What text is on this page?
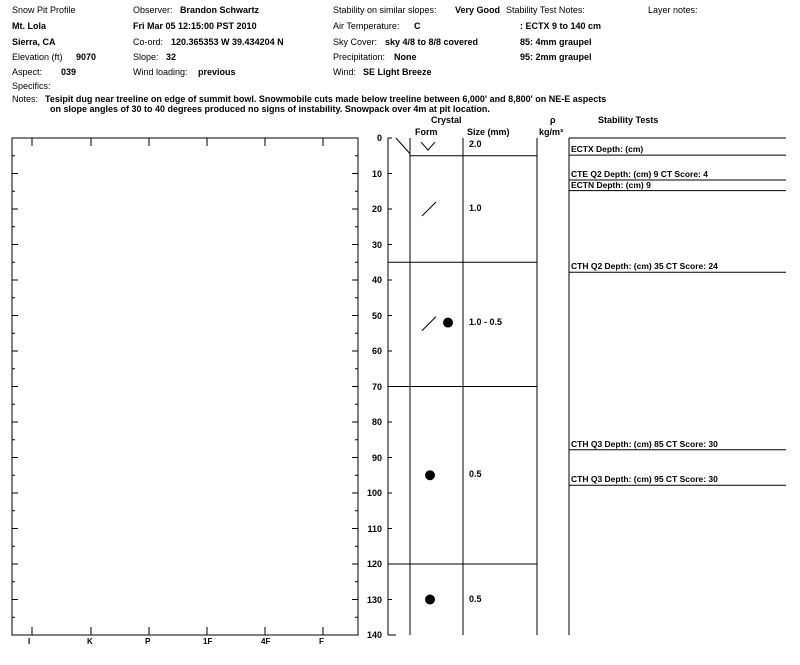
Snow Pit Profile
Mt. Lola
Sierra, CA
Elevation (ft) 9070
Aspect: 039
Specifics:
Observer: Brandon Schwartz
Fri Mar 05 12:15:00 PST 2010
Co-ord: 120.365353 W 39.434204 N
Slope: 32
Wind loading: previous
Stability on similar slopes: Very Good
Air Temperature: C
Sky Cover: sky 4/8 to 8/8 covered
Precipitation: None
Wind: SE Light Breeze
Stability Test Notes:
: ECTX 9 to 140 cm
85: 4mm graupel
95: 2mm graupel
Layer notes:
Notes: Tesipit dug near treeline on edge of summit bowl. Snowmobile cuts made below treeline between 6,000' and 8,800' on NE-E aspects
on slope angles of 30 to 40 degrees produced no signs of instability. Snowpack over 4m at pit location.
Crystal
Form	Size (mm)
ρ
kg/m³
Stability Tests
I	K	P	1F	4F	F
0
10
20
30
40
50
60
70
80
90
100
110
120
130
140
2.0
1.0
1.0 - 0.5
0.5
0.5
ECTX Depth: (cm)
CTE Q2 Depth: (cm) 9 CT Score: 4
ECTN Depth: (cm) 9
CTH Q2 Depth: (cm) 35 CT Score: 24
CTH Q3 Depth: (cm) 85 CT Score: 30
CTH Q3 Depth: (cm) 95 CT Score: 30
